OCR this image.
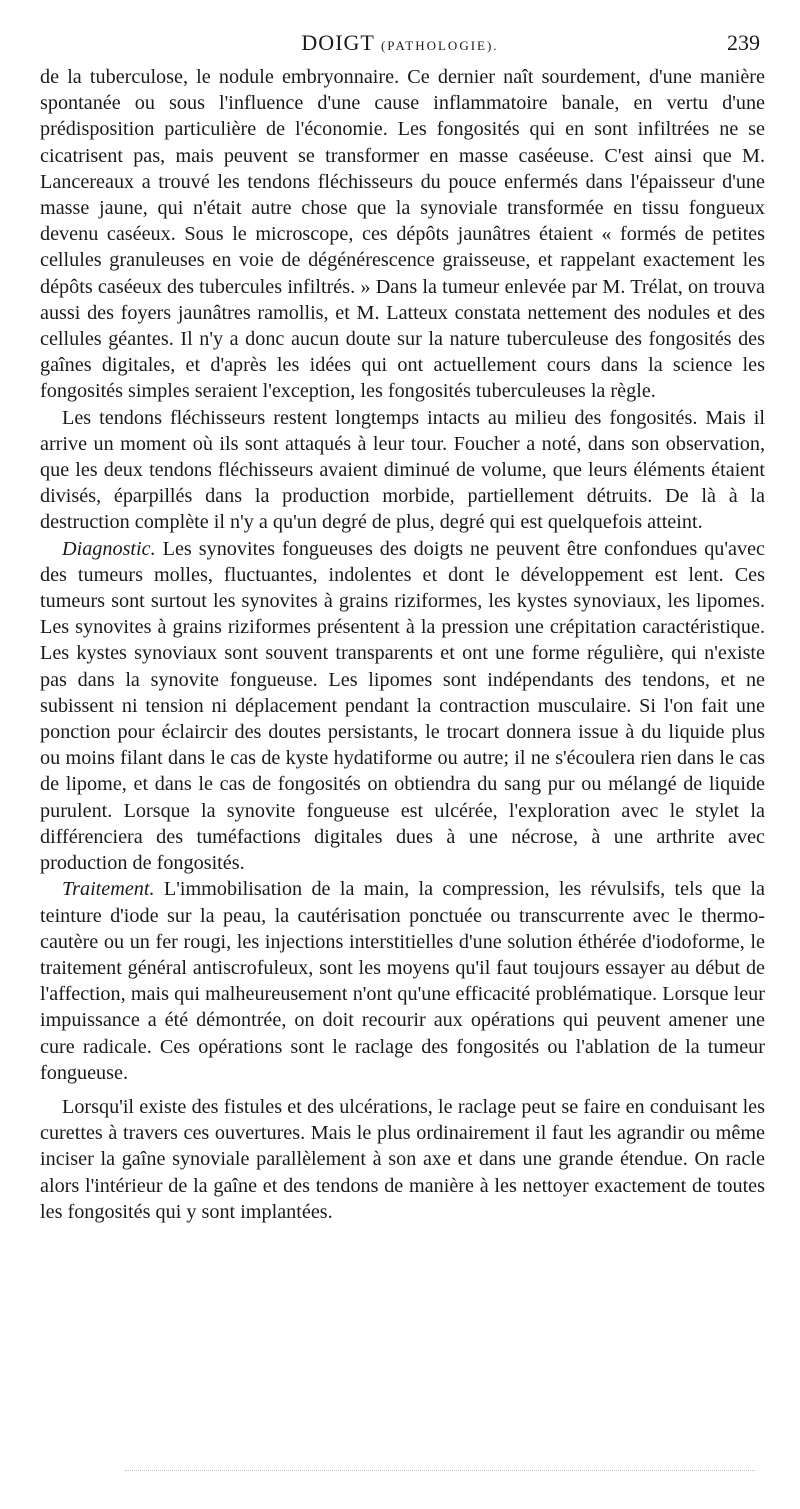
DOIGT (PATHOLOGIE).	239

de la tuberculose, le nodule embryonnaire. Ce dernier naît sourdement, d'une manière spontanée ou sous l'influence d'une cause inflammatoire banale, en vertu d'une prédisposition particulière de l'économie. Les fongosités qui en sont infiltrées ne se cicatrisent pas, mais peuvent se transformer en masse caséeuse. C'est ainsi que M. Lancereaux a trouvé les tendons fléchisseurs du pouce enfermés dans l'épaisseur d'une masse jaune, qui n'était autre chose que la synoviale transformée en tissu fongueux devenu caséeux. Sous le microscope, ces dépôts jaunâtres étaient « formés de petites cellules granuleuses en voie de dégénérescence graisseuse, et rappelant exactement les dépôts caséeux des tubercules infiltrés. » Dans la tumeur enlevée par M. Trélat, on trouva aussi des foyers jaunâtres ramollis, et M. Latteux constata nettement des nodules et des cellules géantes. Il n'y a donc aucun doute sur la nature tuberculeuse des fongosités des gaînes digitales, et d'après les idées qui ont actuellement cours dans la science les fongosités simples seraient l'exception, les fongosités tuberculeuses la règle.

Les tendons fléchisseurs restent longtemps intacts au milieu des fongosités. Mais il arrive un moment où ils sont attaqués à leur tour. Foucher a noté, dans son observation, que les deux tendons fléchisseurs avaient diminué de volume, que leurs éléments étaient divisés, éparpillés dans la production morbide, partiellement détruits. De là à la destruction complète il n'y a qu'un degré de plus, degré qui est quelquefois atteint.

Diagnostic. Les synovites fongueuses des doigts ne peuvent être confondues qu'avec des tumeurs molles, fluctuantes, indolentes et dont le développement est lent. Ces tumeurs sont surtout les synovites à grains riziformes, les kystes synoviaux, les lipomes. Les synovites à grains riziformes présentent à la pression une crépitation caractéristique. Les kystes synoviaux sont souvent transparents et ont une forme régulière, qui n'existe pas dans la synovite fongueuse. Les lipomes sont indépendants des tendons, et ne subissent ni tension ni déplacement pendant la contraction musculaire. Si l'on fait une ponction pour éclaircir des doutes persistants, le trocart donnera issue à du liquide plus ou moins filant dans le cas de kyste hydatiforme ou autre; il ne s'écoulera rien dans le cas de lipome, et dans le cas de fongosités on obtiendra du sang pur ou mélangé de liquide purulent. Lorsque la synovite fongueuse est ulcérée, l'exploration avec le stylet la différenciera des tuméfactions digitales dues à une nécrose, à une arthrite avec production de fongosités.

Traitement. L'immobilisation de la main, la compression, les révulsifs, tels que la teinture d'iode sur la peau, la cautérisation ponctuée ou transcurrente avec le thermo-cautère ou un fer rougi, les injections interstitielles d'une solution éthérée d'iodoforme, le traitement général antiscrofuleux, sont les moyens qu'il faut toujours essayer au début de l'affection, mais qui malheureusement n'ont qu'une efficacité problématique. Lorsque leur impuissance a été démontrée, on doit recourir aux opérations qui peuvent amener une cure radicale. Ces opérations sont le raclage des fongosités ou l'ablation de la tumeur fongueuse.

Lorsqu'il existe des fistules et des ulcérations, le raclage peut se faire en conduisant les curettes à travers ces ouvertures. Mais le plus ordinairement il faut les agrandir ou même inciser la gaîne synoviale parallèlement à son axe et dans une grande étendue. On racle alors l'intérieur de la gaîne et des tendons de manière à les nettoyer exactement de toutes les fongosités qui y sont implantées.
